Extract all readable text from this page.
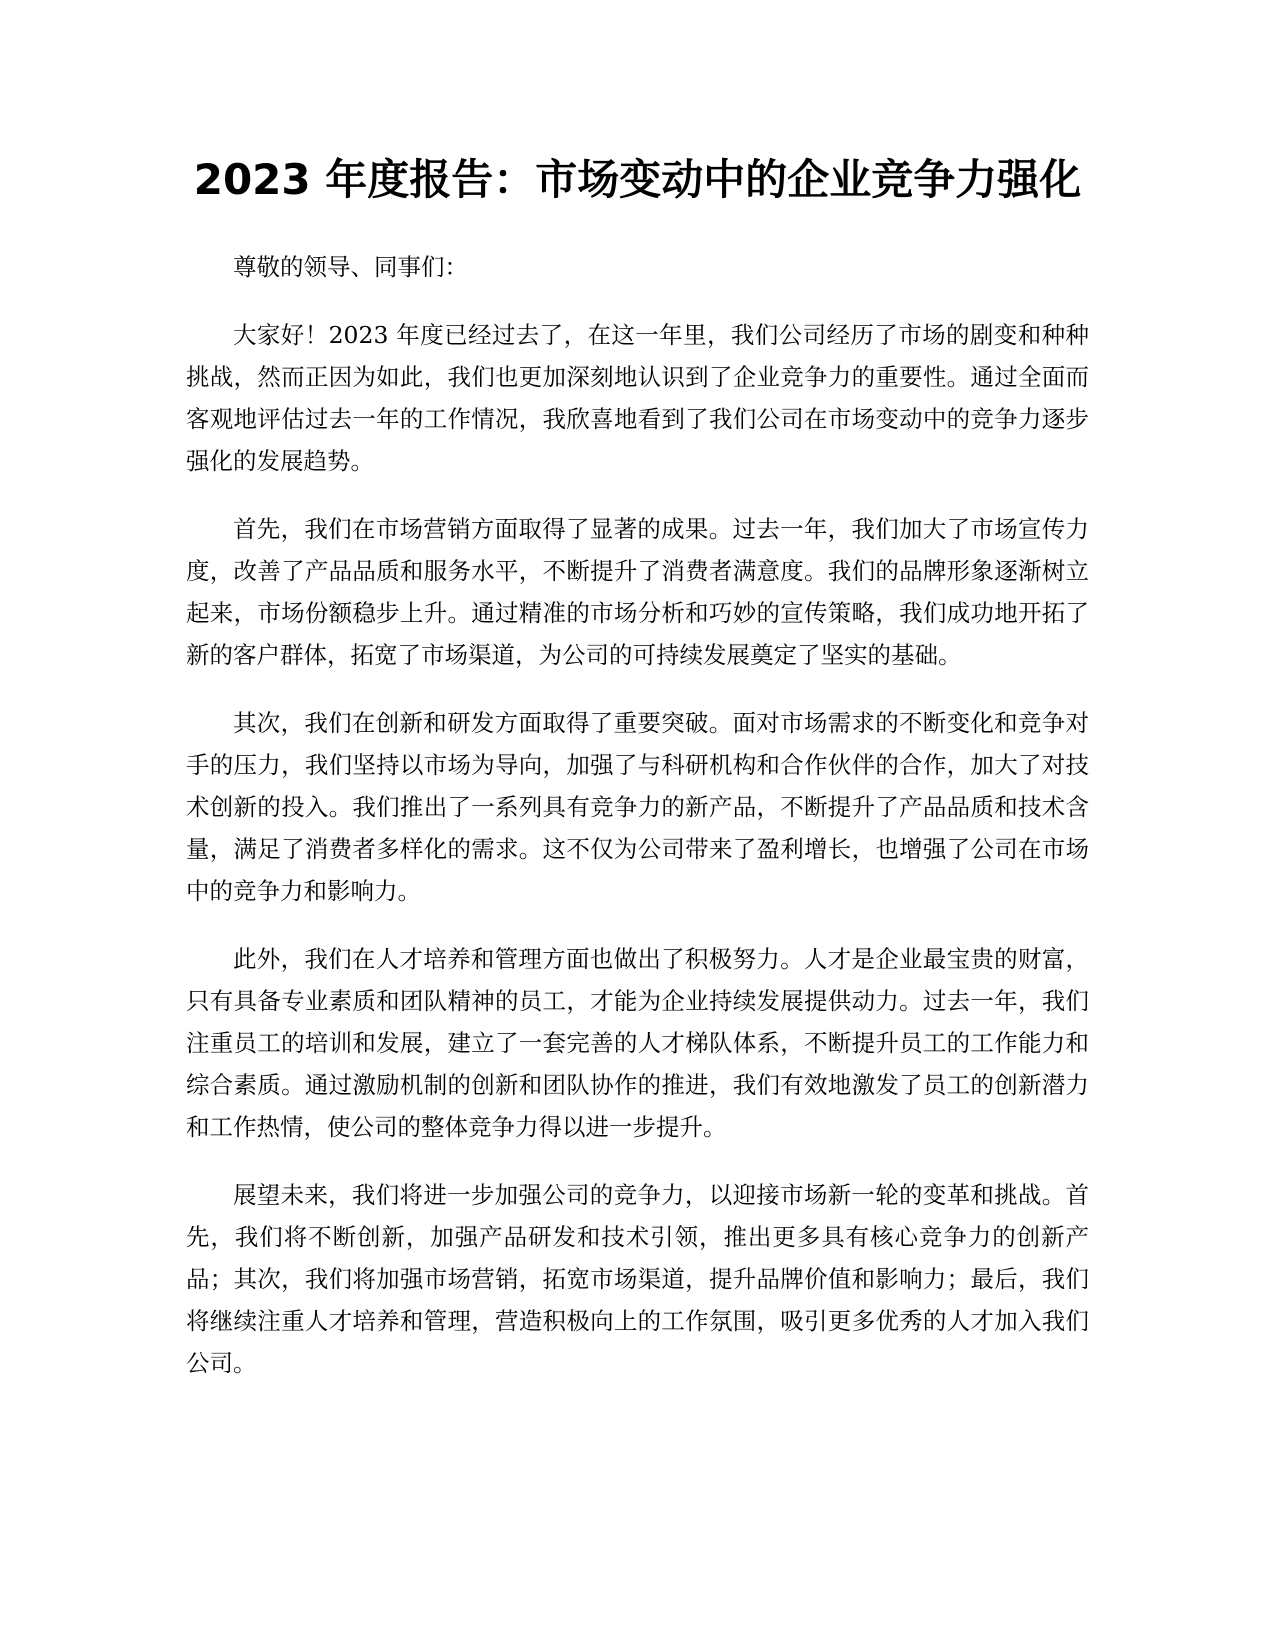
2023 年度报告：市场变动中的企业竞争力强化

尊敬的领导、同事们：

大家好！2023 年度已经过去了，在这一年里，我们公司经历了市场的剧变和种种挑战，然而正因为如此，我们也更加深刻地认识到了企业竞争力的重要性。通过全面而客观地评估过去一年的工作情况，我欣喜地看到了我们公司在市场变动中的竞争力逐步强化的发展趋势。

首先，我们在市场营销方面取得了显著的成果。过去一年，我们加大了市场宣传力度，改善了产品品质和服务水平，不断提升了消费者满意度。我们的品牌形象逐渐树立起来，市场份额稳步上升。通过精准的市场分析和巧妙的宣传策略，我们成功地开拓了新的客户群体，拓宽了市场渠道，为公司的可持续发展奠定了坚实的基础。

其次，我们在创新和研发方面取得了重要突破。面对市场需求的不断变化和竞争对手的压力，我们坚持以市场为导向，加强了与科研机构和合作伙伴的合作，加大了对技术创新的投入。我们推出了一系列具有竞争力的新产品，不断提升了产品品质和技术含量，满足了消费者多样化的需求。这不仅为公司带来了盈利增长，也增强了公司在市场中的竞争力和影响力。

此外，我们在人才培养和管理方面也做出了积极努力。人才是企业最宝贵的财富，只有具备专业素质和团队精神的员工，才能为企业持续发展提供动力。过去一年，我们注重员工的培训和发展，建立了一套完善的人才梯队体系，不断提升员工的工作能力和综合素质。通过激励机制的创新和团队协作的推进，我们有效地激发了员工的创新潜力和工作热情，使公司的整体竞争力得以进一步提升。

展望未来，我们将进一步加强公司的竞争力，以迎接市场新一轮的变革和挑战。首先，我们将不断创新，加强产品研发和技术引领，推出更多具有核心竞争力的创新产品；其次，我们将加强市场营销，拓宽市场渠道，提升品牌价值和影响力；最后，我们将继续注重人才培养和管理，营造积极向上的工作氛围，吸引更多优秀的人才加入我们公司。
